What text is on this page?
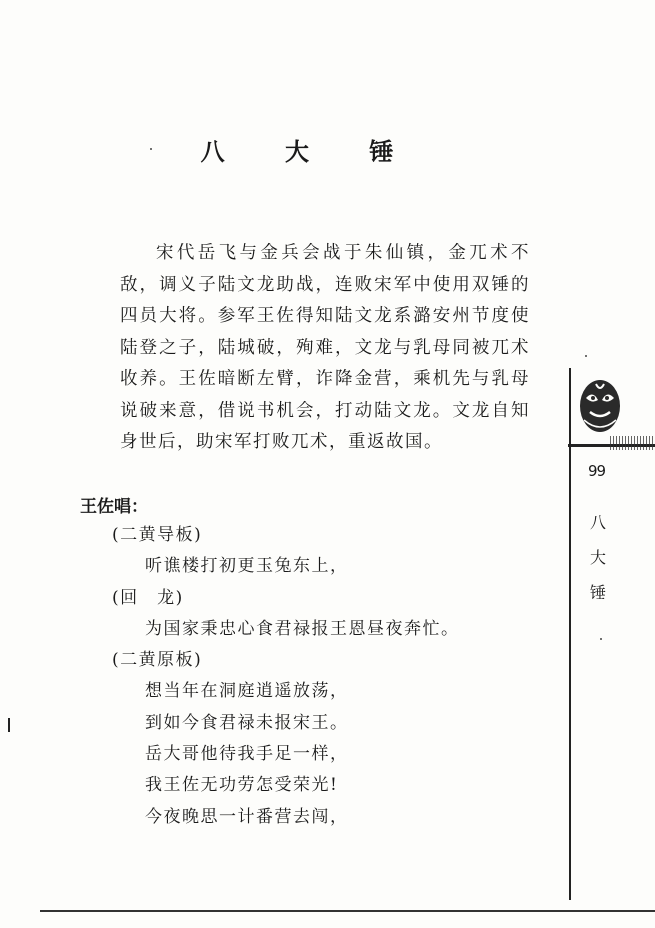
八 大 锤

宋代岳飞与金兵会战于朱仙镇，金兀术不敌，调义子陆文龙助战，连败宋军中使用双锤的四员大将。参军王佐得知陆文龙系潞安州节度使陆登之子，陆城破，殉难，文龙与乳母同被兀术收养。王佐暗断左臂，诈降金营，乘机先与乳母说破来意，借说书机会，打动陆文龙。文龙自知身世后，助宋军打败兀术，重返故国。

王佐唱：
(二黄导板)
听谯楼打初更玉兔东上，
(回　龙)
为国家秉忠心食君禄报王恩昼夜奔忙。
(二黄原板)
想当年在洞庭逍遥放荡，
到如今食君禄未报宋王。
岳大哥他待我手足一样，
我王佐无功劳怎受荣光!
今夜晚思一计番营去闯，
99
八
大
锤
